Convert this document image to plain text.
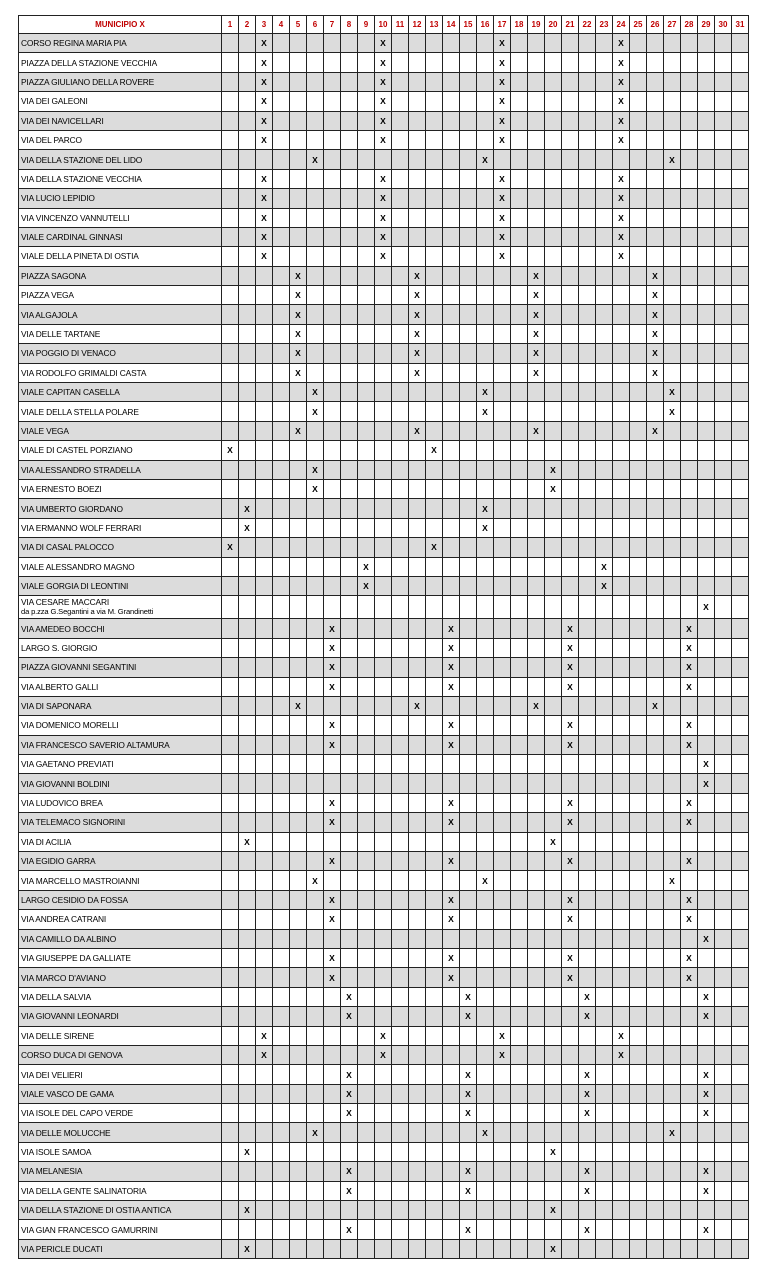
MUNICIPIO X	1	2	3	4	5	6	7	8	9	10	11	12	13	14	15	16	17	18	19	20	21	22	23	24	25	26	27	28	29	30	31
CORSO REGINA MARIA PIA			X							X							X							X							
PIAZZA DELLA STAZIONE VECCHIA			X							X							X							X							
PIAZZA GIULIANO DELLA ROVERE			X							X							X							X							
VIA DEI GALEONI			X							X							X							X							
VIA DEI NAVICELLARI			X							X							X							X							
VIA DEL PARCO			X							X							X							X							
VIA DELLA STAZIONE DEL LIDO						X										X											X				
VIA DELLA STAZIONE VECCHIA			X							X							X							X							
VIA LUCIO LEPIDIO			X							X							X							X							
VIA VINCENZO VANNUTELLI			X							X							X							X							
VIALE CARDINAL GINNASI			X							X							X							X							
VIALE DELLA PINETA DI OSTIA			X							X							X							X							
PIAZZA SAGONA					X							X							X							X					
PIAZZA VEGA					X							X							X							X					
VIA ALGAJOLA					X							X							X							X					
VIA DELLE TARTANE					X							X							X							X					
VIA POGGIO DI VENACO					X							X							X							X					
VIA RODOLFO GRIMALDI CASTA					X							X							X							X					
VIALE CAPITAN CASELLA						X										X											X				
VIALE DELLA STELLA POLARE						X										X											X				
VIALE VEGA					X							X							X							X					
VIALE DI CASTEL PORZIANO	X												X																		
VIA ALESSANDRO STRADELLA						X														X											
VIA ERNESTO BOEZI						X														X											
VIA UMBERTO GIORDANO		X														X															
VIA ERMANNO WOLF FERRARI		X														X															
VIA DI CASAL PALOCCO	X												X																		
VIALE ALESSANDRO MAGNO									X														X								
VIALE GORGIA DI LEONTINI									X														X								

VIA CESARE MACCARI
da p.zza G.Segantini a via M. Grandinetti																													X		
VIA AMEDEO BOCCHI							X							X							X							X			
LARGO S. GIORGIO							X							X							X							X			
PIAZZA GIOVANNI SEGANTINI							X							X							X							X			
VIA ALBERTO GALLI							X							X							X							X			
VIA DI SAPONARA					X							X							X							X					
VIA DOMENICO MORELLI							X							X							X							X			
VIA FRANCESCO SAVERIO ALTAMURA							X							X							X							X			
VIA GAETANO PREVIATI																													X		
VIA GIOVANNI BOLDINI																													X		
VIA LUDOVICO BREA							X							X							X							X			
VIA TELEMACO SIGNORINI							X							X							X							X			
VIA DI ACILIA		X																		X											
VIA EGIDIO GARRA							X							X							X							X			
VIA MARCELLO MASTROIANNI						X										X											X				
LARGO CESIDIO DA FOSSA							X							X							X							X			
VIA ANDREA CATRANI							X							X							X							X			
VIA CAMILLO DA ALBINO																													X		
VIA GIUSEPPE DA GALLIATE							X							X							X							X			
VIA MARCO D'AVIANO							X							X							X							X			
VIA DELLA SALVIA								X							X							X							X		
VIA GIOVANNI LEONARDI								X							X							X							X		
VIA DELLE SIRENE			X							X							X							X							
CORSO DUCA DI GENOVA			X							X							X							X							
VIA DEI VELIERI								X							X							X							X		
VIALE VASCO DE GAMA								X							X							X							X		
VIA ISOLE DEL CAPO VERDE								X							X							X							X		
VIA DELLE MOLUCCHE						X										X											X				
VIA ISOLE SAMOA		X																		X											
VIA MELANESIA								X							X							X							X		
VIA DELLA GENTE SALINATORIA								X							X							X							X		
VIA DELLA STAZIONE DI OSTIA ANTICA		X																		X											
VIA GIAN FRANCESCO GAMURRINI								X							X							X							X		
VIA PERICLE DUCATI		X																		X											
